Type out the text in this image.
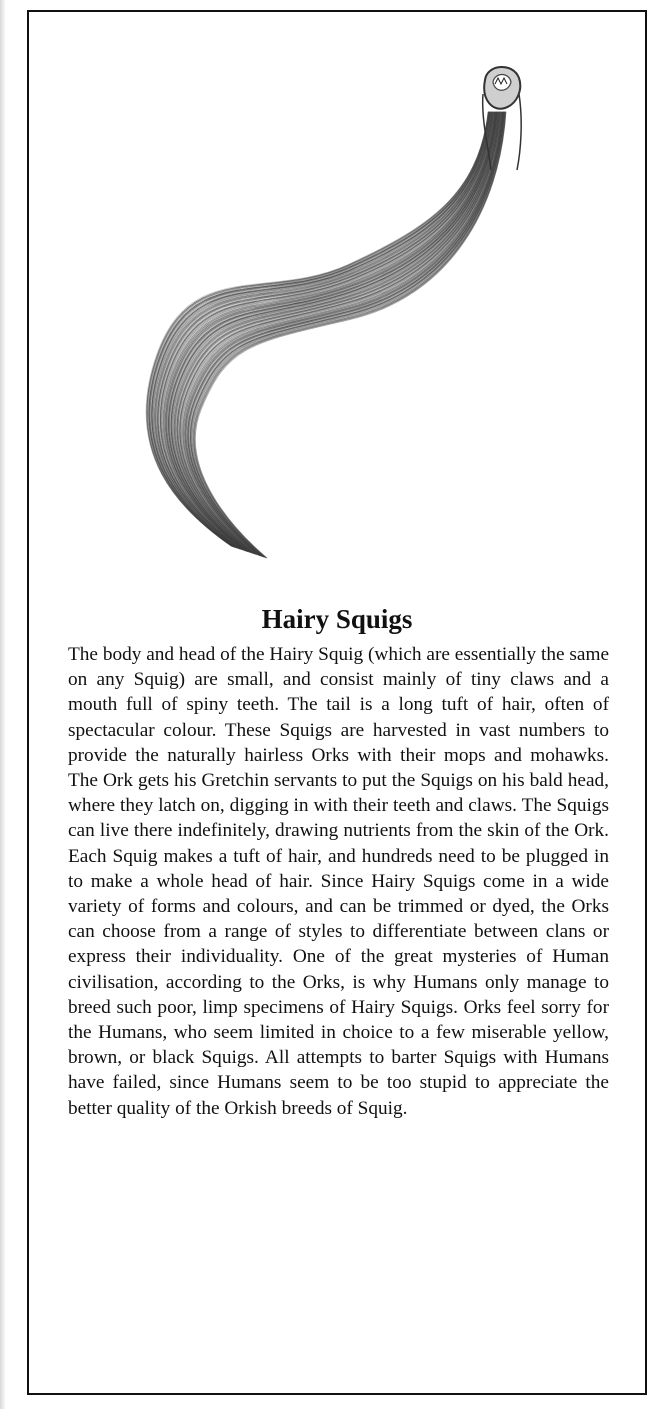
Hairy Squigs

The body and head of the Hairy Squig (which are essentially the same on any Squig) are small, and consist mainly of tiny claws and a mouth full of spiny teeth. The tail is a long tuft of hair, often of spectacular colour. These Squigs are harvested in vast numbers to provide the naturally hairless Orks with their mops and mohawks. The Ork gets his Gretchin servants to put the Squigs on his bald head, where they latch on, digging in with their teeth and claws. The Squigs can live there indefinitely, drawing nutrients from the skin of the Ork. Each Squig makes a tuft of hair, and hundreds need to be plugged in to make a whole head of hair. Since Hairy Squigs come in a wide variety of forms and colours, and can be trimmed or dyed, the Orks can choose from a range of styles to differentiate between clans or express their individuality. One of the great mysteries of Human civilisation, according to the Orks, is why Humans only manage to breed such poor, limp specimens of Hairy Squigs. Orks feel sorry for the Humans, who seem limited in choice to a few miserable yellow, brown, or black Squigs. All attempts to barter Squigs with Humans have failed, since Humans seem to be too stupid to appreciate the better quality of the Orkish breeds of Squig.
